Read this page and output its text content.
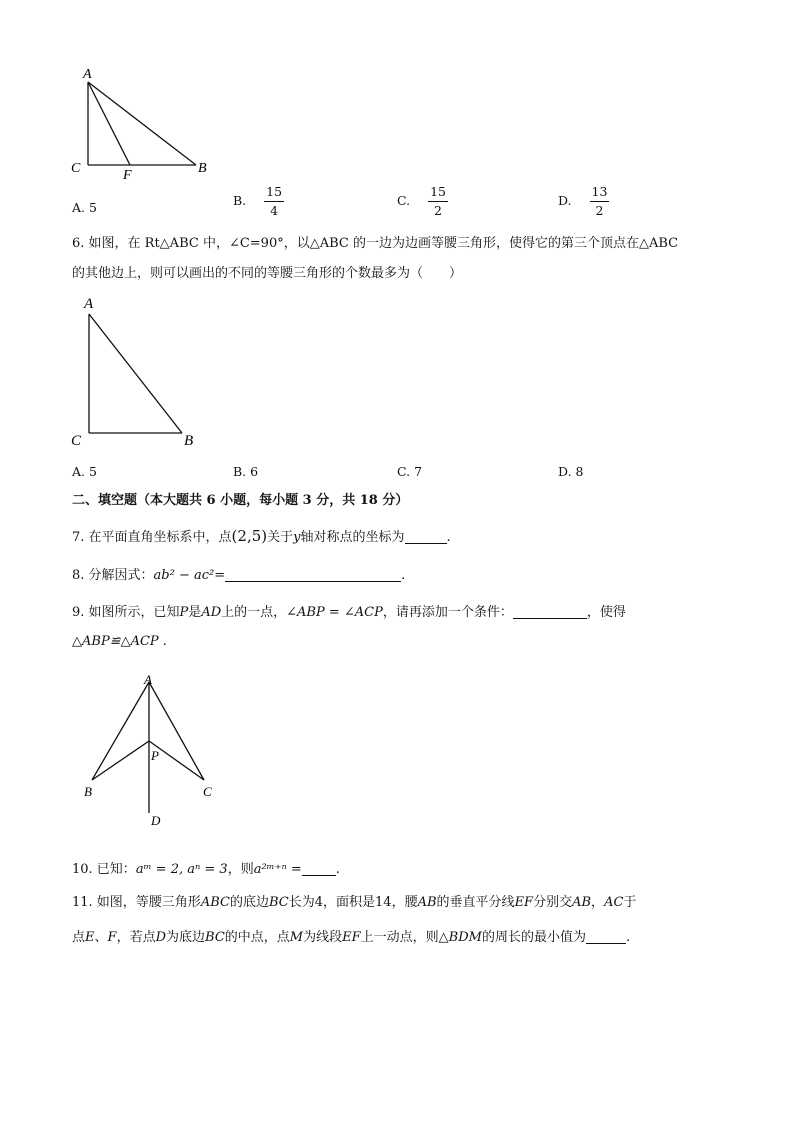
A
C	F	B
A. 5	B. $\frac{15}{4}$	C. $\frac{15}{2}$	D. $\frac{13}{2}$
6. 如图，在 Rt△ABC 中，∠C=90°，以△ABC 的一边为边画等腰三角形，使得它的第三个顶点在△ABC
的其他边上，则可以画出的不同的等腰三角形的个数最多为（　　）
A
C	B
A. 5	B. 6	C. 7	D. 8
二、填空题（本大题共 6 小题，每小题 3 分，共 18 分）
7. 在平面直角坐标系中，点(2,5)关于y轴对称点的坐标为	.
8. 分解因式：ab² − ac²=	.
9. 如图所示，已知P是AD上的一点，∠ABP = ∠ACP，请再添加一个条件：	，使得
△ABP≌△ACP .
A
P
B	C
D
10. 已知：aᵐ = 2, aⁿ = 3，则a²ᵐ⁺ⁿ =	.
11. 如图，等腰三角形ABC的底边BC长为4，面积是14，腰AB的垂直平分线EF分别交AB，AC于
点E、F，若点D为底边BC的中点，点M为线段EF上一动点，则△BDM的周长的最小值为	.
